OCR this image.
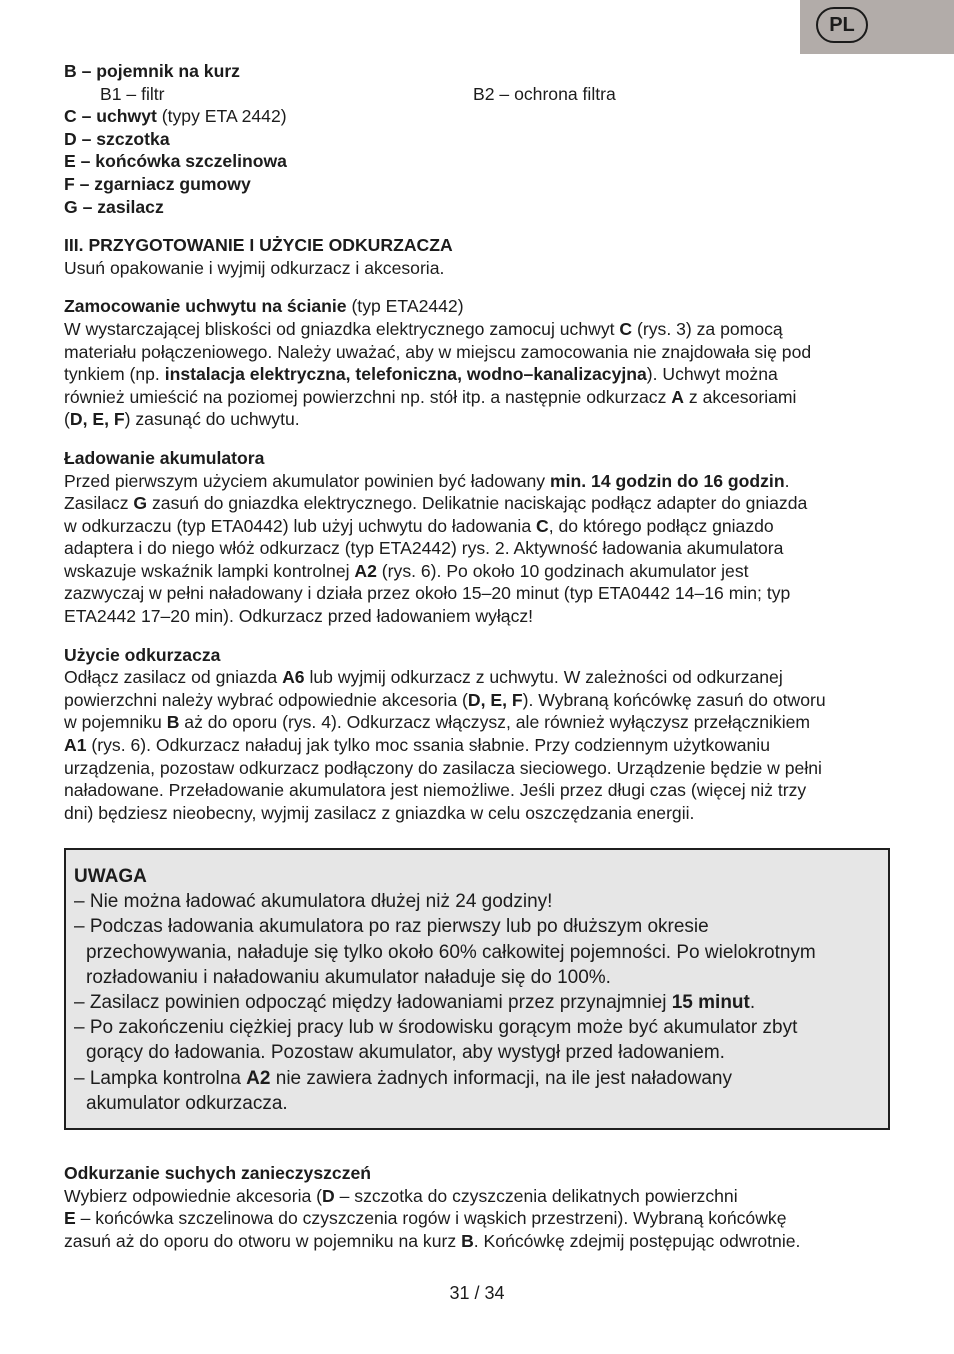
PL
B – pojemnik na kurz
B1 – filtr	B2 – ochrona filtra
C – uchwyt (typy ETA 2442)
D – szczotka
E – końcówka szczelinowa
F – zgarniacz gumowy
G – zasilacz
III. PRZYGOTOWANIE I UŻYCIE ODKURZACZA
Usuń opakowanie i wyjmij odkurzacz i akcesoria.
Zamocowanie uchwytu na ścianie (typ ETA2442)
W wystarczającej bliskości od gniazdka elektrycznego zamocuj uchwyt C (rys. 3) za pomocą
materiału połączeniowego. Należy uważać, aby w miejscu zamocowania nie znajdowała się pod
tynkiem (np. instalacja elektryczna, telefoniczna, wodno–kanalizacyjna). Uchwyt można
również umieścić na poziomej powierzchni np. stół itp. a następnie odkurzacz A z akcesoriami
(D, E, F) zasunąć do uchwytu.
Ładowanie akumulatora
Przed pierwszym użyciem akumulator powinien być ładowany min. 14 godzin do 16 godzin.
Zasilacz G zasuń do gniazdka elektrycznego. Delikatnie naciskając podłącz adapter do gniazda
w odkurzaczu (typ ETA0442) lub użyj uchwytu do ładowania C, do którego podłącz gniazdo
adaptera i do niego włóż odkurzacz (typ ETA2442) rys. 2. Aktywność ładowania akumulatora
wskazuje wskaźnik lampki kontrolnej A2 (rys. 6). Po około 10 godzinach akumulator jest
zazwyczaj w pełni naładowany i działa przez około 15–20 minut (typ ETA0442 14–16 min; typ
ETA2442 17–20 min). Odkurzacz przed ładowaniem wyłącz!
Użycie odkurzacza
Odłącz zasilacz od gniazda A6 lub wyjmij odkurzacz z uchwytu. W zależności od odkurzanej
powierzchni należy wybrać odpowiednie akcesoria (D, E, F). Wybraną końcówkę zasuń do otworu
w pojemniku B aż do oporu (rys. 4). Odkurzacz włączysz, ale również wyłączysz przełącznikiem
A1 (rys. 6). Odkurzacz naładuj jak tylko moc ssania słabnie. Przy codziennym użytkowaniu
urządzenia, pozostaw odkurzacz podłączony do zasilacza sieciowego. Urządzenie będzie w pełni
naładowane. Przeładowanie akumulatora jest niemożliwe. Jeśli przez długi czas (więcej niż trzy
dni) będziesz nieobecny, wyjmij zasilacz z gniazdka w celu oszczędzania energii.
UWAGA
– Nie można ładować akumulatora dłużej niż 24 godziny!
– Podczas ładowania akumulatora po raz pierwszy lub po dłuższym okresie
przechowywania, naładuje się tylko około 60% całkowitej pojemności. Po wielokrotnym
rozładowaniu i naładowaniu akumulator naładuje się do 100%.
– Zasilacz powinien odpocząć między ładowaniami przez przynajmniej 15 minut.
– Po zakończeniu ciężkiej pracy lub w środowisku gorącym może być akumulator zbyt
gorący do ładowania. Pozostaw akumulator, aby wystygł przed ładowaniem.
– Lampka kontrolna A2 nie zawiera żadnych informacji, na ile jest naładowany
akumulator odkurzacza.
Odkurzanie suchych zanieczyszczeń
Wybierz odpowiednie akcesoria (D – szczotka do czyszczenia delikatnych powierzchni
E – końcówka szczelinowa do czyszczenia rogów i wąskich przestrzeni). Wybraną końcówkę
zasuń aż do oporu do otworu w pojemniku na kurz B. Końcówkę zdejmij postępując odwrotnie.
31 / 34
